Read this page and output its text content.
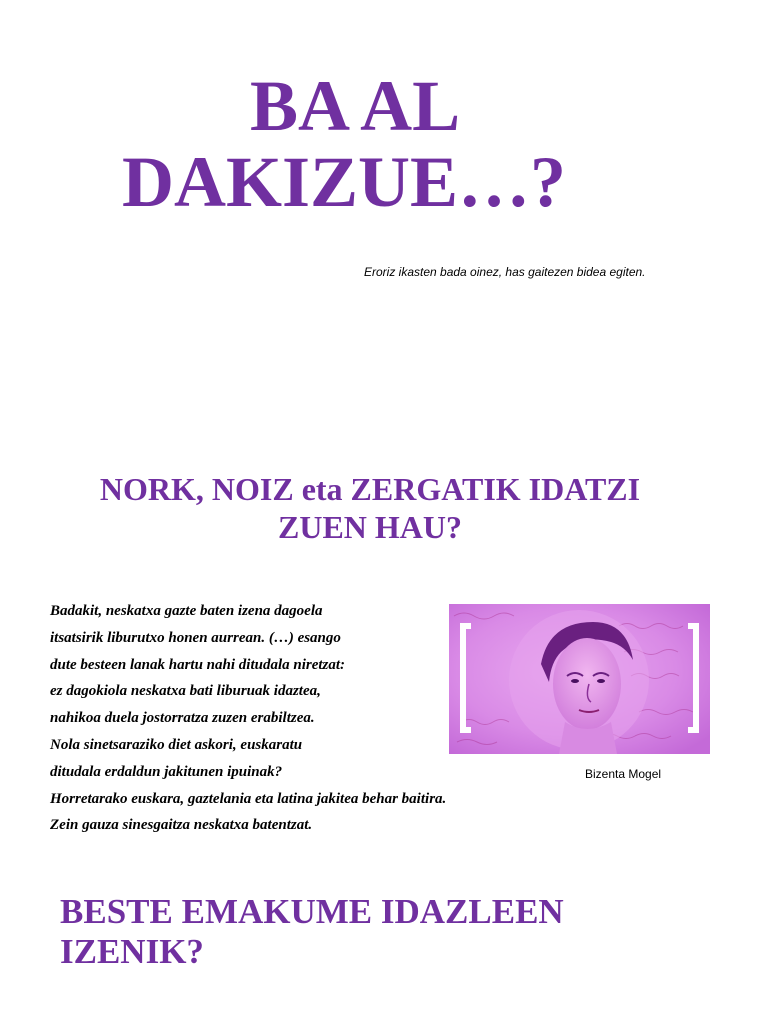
BA AL
DAKIZUE…?

Eroriz ikasten bada oinez, has gaitezen bidea egiten.

NORK, NOIZ eta ZERGATIK IDATZI
ZUEN HAU?
Badakit, neskatxa gazte baten izena dagoela
itsatsirik liburutxo honen aurrean. (…) esango
dute besteen lanak hartu nahi ditudala niretzat:
ez dagokiola neskatxa bati liburuak idaztea,
nahikoa duela jostorratza zuzen erabiltzea.
Nola sinetsaraziko diet askori, euskaratu
ditudala erdaldun jakitunen ipuinak?
Horretarako euskara, gaztelania eta latina jakitea behar baitira.
Zein gauza sinesgaitza neskatxa batentzat.

Bizenta Mogel

BESTE EMAKUME IDAZLEEN
IZENIK?
